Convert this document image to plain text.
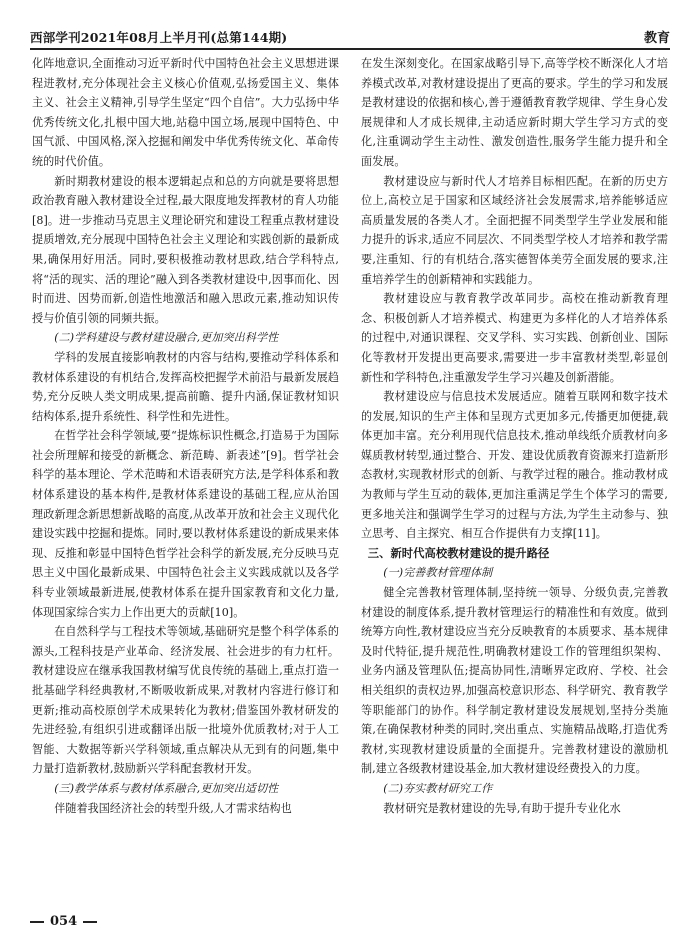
西部学刊2021年08月上半月刊(总第144期)	教育

化阵地意识,全面推动习近平新时代中国特色社会主义思想进课程进教材,充分体现社会主义核心价值观,弘扬爱国主义、集体主义、社会主义精神,引导学生坚定“四个自信”。大力弘扬中华优秀传统文化,扎根中国大地,站稳中国立场,展现中国特色、中国气派、中国风格,深入挖掘和阐发中华优秀传统文化、革命传统的时代价值。

新时期教材建设的根本逻辑起点和总的方向就是要将思想政治教育融入教材建设全过程,最大限度地发挥教材的育人功能[8]。进一步推动马克思主义理论研究和建设工程重点教材建设提质增效,充分展现中国特色社会主义理论和实践创新的最新成果,确保用好用活。同时,要积极推动教材思政,结合学科特点,将“活的现实、活的理论”融入到各类教材建设中,因事而化、因时而进、因势而新,创造性地激活和融入思政元素,推动知识传授与价值引领的同频共振。

(二)学科建设与教材建设融合,更加突出科学性

学科的发展直接影响教材的内容与结构,要推动学科体系和教材体系建设的有机结合,发挥高校把握学术前沿与最新发展趋势,充分反映人类文明成果,提高前瞻、提升内涵,保证教材知识结构体系,提升系统性、科学性和先进性。

在哲学社会科学领域,要“提炼标识性概念,打造易于为国际社会所理解和接受的新概念、新范畴、新表述”[9]。哲学社会科学的基本理论、学术范畴和术语表研究方法,是学科体系和教材体系建设的基本构件,是教材体系建设的基础工程,应从治国理政新理念新思想新战略的高度,从改革开放和社会主义现代化建设实践中挖掘和提炼。同时,要以教材体系建设的新成果来体现、反推和彰显中国特色哲学社会科学的新发展,充分反映马克思主义中国化最新成果、中国特色社会主义实践成就以及各学科专业领域最新进展,使教材体系在提升国家教育和文化力量,体现国家综合实力上作出更大的贡献[10]。

在自然科学与工程技术等领域,基础研究是整个科学体系的源头,工程科技是产业革命、经济发展、社会进步的有力杠杆。教材建设应在继承我国教材编写优良传统的基础上,重点打造一批基础学科经典教材,不断吸收新成果,对教材内容进行修订和更新;推动高校原创学术成果转化为教材;借鉴国外教材研发的先进经验,有组织引进或翻译出版一批境外优质教材;对于人工智能、大数据等新兴学科领域,重点解决从无到有的问题,集中力量打造新教材,鼓励新兴学科配套教材开发。

(三)教学体系与教材体系融合,更加突出适切性

伴随着我国经济社会的转型升级,人才需求结构也

在发生深刻变化。在国家战略引导下,高等学校不断深化人才培养模式改革,对教材建设提出了更高的要求。学生的学习和发展是教材建设的依据和核心,善于遵循教育教学规律、学生身心发展规律和人才成长规律,主动适应新时期大学生学习方式的变化,注重调动学生主动性、激发创造性,服务学生能力提升和全面发展。

教材建设应与新时代人才培养目标相匹配。在新的历史方位上,高校立足于国家和区域经济社会发展需求,培养能够适应高质量发展的各类人才。全面把握不同类型学生学业发展和能力提升的诉求,适应不同层次、不同类型学校人才培养和教学需要,注重知、行的有机结合,落实德智体美劳全面发展的要求,注重培养学生的创新精神和实践能力。

教材建设应与教育教学改革同步。高校在推动新教育理念、积极创新人才培养模式、构建更为多样化的人才培养体系的过程中,对通识课程、交叉学科、实习实践、创新创业、国际化等教材开发提出更高要求,需要进一步丰富教材类型,彰显创新性和学科特色,注重激发学生学习兴趣及创新潜能。

教材建设应与信息技术发展适应。随着互联网和数字技术的发展,知识的生产主体和呈现方式更加多元,传播更加便捷,载体更加丰富。充分利用现代信息技术,推动单线纸介质教材向多媒质教材转型,通过整合、开发、建设优质教育资源来打造新形态教材,实现教材形式的创新、与教学过程的融合。推动教材成为教师与学生互动的载体,更加注重满足学生个体学习的需要,更多地关注和强调学生学习的过程与方法,为学生主动参与、独立思考、自主探究、相互合作提供有力支撑[11]。

三、新时代高校教材建设的提升路径
(一)完善教材管理体制

健全完善教材管理体制,坚持统一领导、分级负责,完善教材建设的制度体系,提升教材管理运行的精准性和有效度。做到统筹方向性,教材建设应当充分反映教育的本质要求、基本规律及时代特征,提升规范性,明确教材建设工作的管理组织架构、业务内涵及管理队伍;提高协同性,清晰界定政府、学校、社会相关组织的责权边界,加强高校意识形态、科学研究、教育教学等职能部门的协作。科学制定教材建设发展规划,坚持分类施策,在确保教材种类的同时,突出重点、实施精品战略,打造优秀教材,实现教材建设质量的全面提升。完善教材建设的激励机制,建立各级教材建设基金,加大教材建设经费投入的力度。

(二)夯实教材研究工作

教材研究是教材建设的先导,有助于提升专业化水

054
